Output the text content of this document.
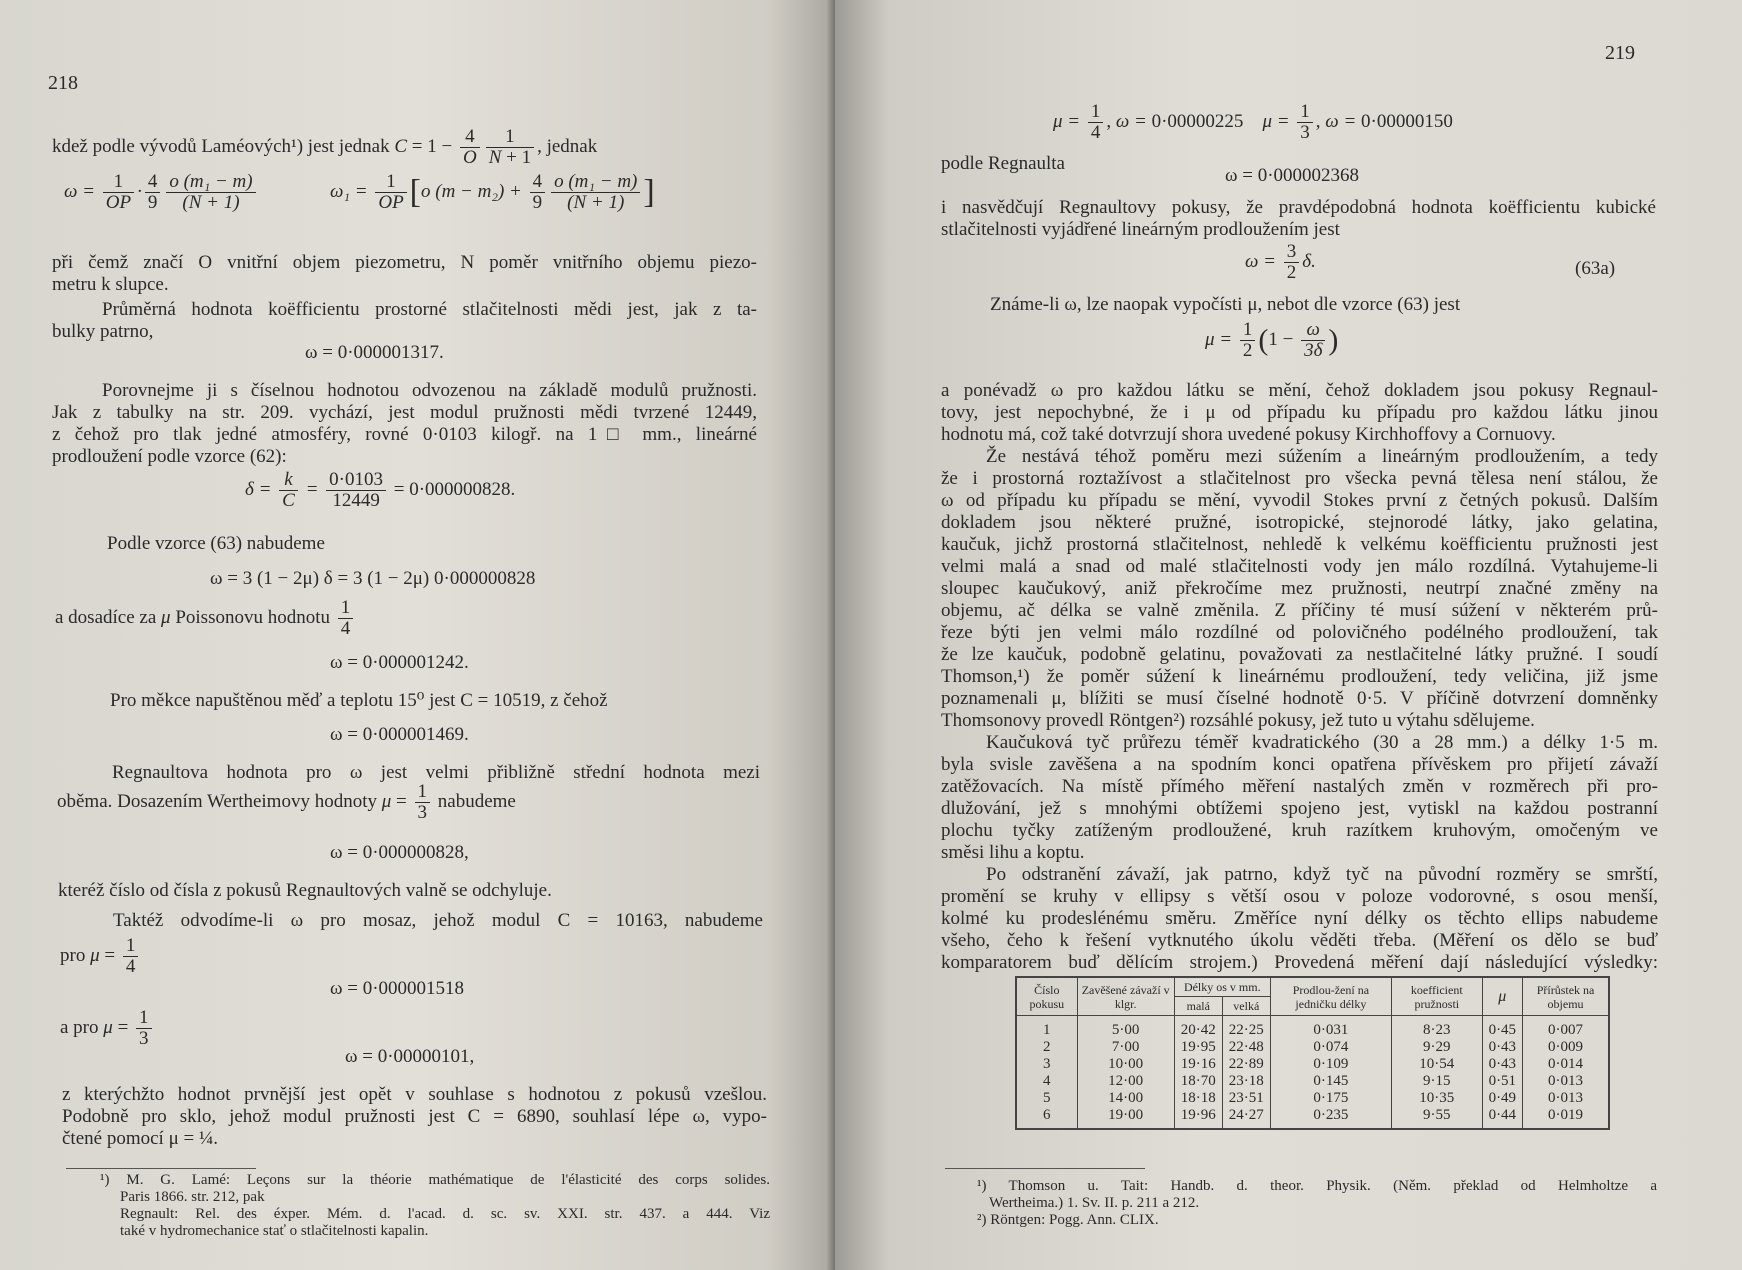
218
kdež podle vývodů Laméových¹) jest jednak $C = 1 - \frac{4}{O} \frac{1}{N + 1}$ , jednak
$\omega = \frac{1}{OP} \cdot \frac{4}{9} \frac{\text{o (m₁ − m)}}{(N + 1)}$	$\omega_1 = \frac{1}{OP} [o$ $(m - m_2) + \frac{4}{9} \frac{\text{o (m₁ − m)}}{(N + 1)}$ ]
při čemž značí O vnitřní objem piezometru, N poměr vnitřního objemu piezo-
metru k slupce.
Průměrná hodnota koëfficientu prostorné stlačitelnosti mědi jest, jak z ta-
bulky patrno,
ω = 0·000001317.
Porovnejme ji s číselnou hodnotou odvozenou na základě modulů pružnosti.
Jak z tabulky na str. 209. vychází, jest modul pružnosti mědi tvrzené 12449,
z čehož pro tlak jedné atmosféry, rovné 0·0103 kilogř. na 1□ mm., lineárné
prodloužení podle vzorce (62):
$\delta = \frac{k}{C} = \frac{0\cdot 0103}{12449} = 0\cdot 000000828$.
Podle vzorce (63) nabudeme
ω = 3 (1 − 2μ) δ = 3 (1 − 2μ) 0·000000828
a dosadíce za μ Poissonovu hodnotu $\frac{1}{4}$
ω = 0·000001242.
Pro měkce napuštěnou měď a teplotu 15⁰ jest C = 10519, z čehož
ω = 0·000001469.
Regnaultova hodnota pro ω jest velmi přibližně střední hodnota mezi
oběma. Dosazením Wertheimovy hodnoty $\mu = \frac{1}{3}$ nabudeme
ω = 0·000000828,
kteréž číslo od čísla z pokusů Regnaultových valně se odchyluje.
Taktéž odvodíme-li ω pro mosaz, jehož modul C = 10163, nabudeme
pro $\mu = \frac{1}{4}$
ω = 0·000001518
a pro $\mu = \frac{1}{3}$
ω = 0·00000101,
z kterýchžto hodnot prvnější jest opět v souhlase s hodnotou z pokusů vzešlou.
Podobně pro sklo, jehož modul pružnosti jest C = 6890, souhlasí lépe ω, vypo-
čtené pomocí μ = ¼.
¹) M. G. Lamé: Leçons sur la théorie mathématique de l'élasticité des corps solides.
Paris 1866. str. 212, pak
Regnault: Rel. des éxper. Mém. d. l'acad. d. sc. sv. XXI. str. 437. a 444. Viz
také v hydromechanice stať o stlačitelnosti kapalin.
219
$\mu = \frac{1}{4}$ , ω = 0·00000225    $\mu = \frac{1}{3}$ , ω = 0·00000150
podle Regnaulta
ω = 0·000002368
i nasvědčují Regnaultovy pokusy, že pravdépodobná hodnota koëfficientu kubické
stlačitelnosti vyjádřené lineárným prodloužením jest
$\omega = \frac{3}{2} \delta$.	(63a)
Známe-li ω, lze naopak vypočísti μ, nebot dle vzorce (63) jest
$\mu = \frac{1}{2} (1 - \frac{\omega}{3\delta}$ )
a ponévadž ω pro každou látku se mění, čehož dokladem jsou pokusy Regnaul-
tovy, jest nepochybné, že i μ od případu ku případu pro každou látku jinou
hodnotu má, což také dotvrzují shora uvedené pokusy Kirchhoffovy a Cornuovy.
Že nestává téhož poměru mezi súžením a lineárným prodloužením, a tedy
že i prostorná roztažívost a stlačitelnost pro všecka pevná tělesa není stálou, že
ω od případu ku případu se mění, vyvodil Stokes první z četných pokusů. Dalším
dokladem jsou některé pružné, isotropické, stejnorodé látky, jako gelatina,
kaučuk, jichž prostorná stlačitelnost, nehledě k velkému koëfficientu pružnosti jest
velmi malá a snad od malé stlačitelnosti vody jen málo rozdílná. Vytahujeme-li
sloupec kaučukový, aniž překročíme mez pružnosti, neutrpí značné změny na
objemu, ač délka se valně změnila. Z příčiny té musí súžení v některém prů-
řeze býti jen velmi málo rozdílné od polovičného podélného prodloužení, tak
že lze kaučuk, podobně gelatinu, považovati za nestlačitelné látky pružné. I soudí
Thomson,¹) že poměr súžení k lineárnému prodloužení, tedy veličina, již jsme
poznamenali μ, blížiti se musí číselné hodnotě 0·5. V příčině dotvrzení domněnky
Thomsonovy provedl Röntgen²) rozsáhlé pokusy, jež tuto u výtahu sdělujeme.
Kaučuková tyč průřezu téměř kvadratického (30 a 28 mm.) a délky 1·5 m.
byla svisle zavěšena a na spodním konci opatřena přívěskem pro přijetí závaží
zatěžovacích. Na místě přímého měření nastalých změn v rozměrech při pro-
dlužování, jež s mnohými obtížemi spojeno jest, vytiskl na každou postranní
plochu tyčky zatíženým prodloužené, kruh razítkem kruhovým, omočeným ve
směsi lihu a koptu.
Po odstranění závaží, jak patrno, když tyč na původní rozměry se smrští,
promění se kruhy v ellipsy s větší osou v poloze vodorovné, s osou menší,
kolmé ku prodeslénému směru. Změříce nyní délky os těchto ellips nabudeme
všeho, čeho k řešení vytknutého úkolu věděti třeba. (Měření os dělo se buď
komparatorem buď dělícím strojem.) Provedená měření dají následující výsledky:
Číslo pokusu	Zavěšené závaží v klgr.	Délky os v mm.		Prodlou-žení na jedničku délky	koefficient pružnosti	μ	Přírůstek na objemu
		malá	velká				
1	5·00	20·42	22·25	0·031	8·23	0·45	0·007
2	7·00	19·95	22·48	0·074	9·29	0·43	0·009
3	10·00	19·16	22·89	0·109	10·54	0·43	0·014
4	12·00	18·70	23·18	0·145	9·15	0·51	0·013
5	14·00	18·18	23·51	0·175	10·35	0·49	0·013
6	19·00	19·96	24·27	0·235	9·55	0·44	0·019
¹) Thomson u. Tait: Handb. d. theor. Physik. (Něm. překlad od Helmholtze a
Wertheima.) 1. Sv. II. p. 211 a 212.
²) Röntgen: Pogg. Ann. CLIX.
